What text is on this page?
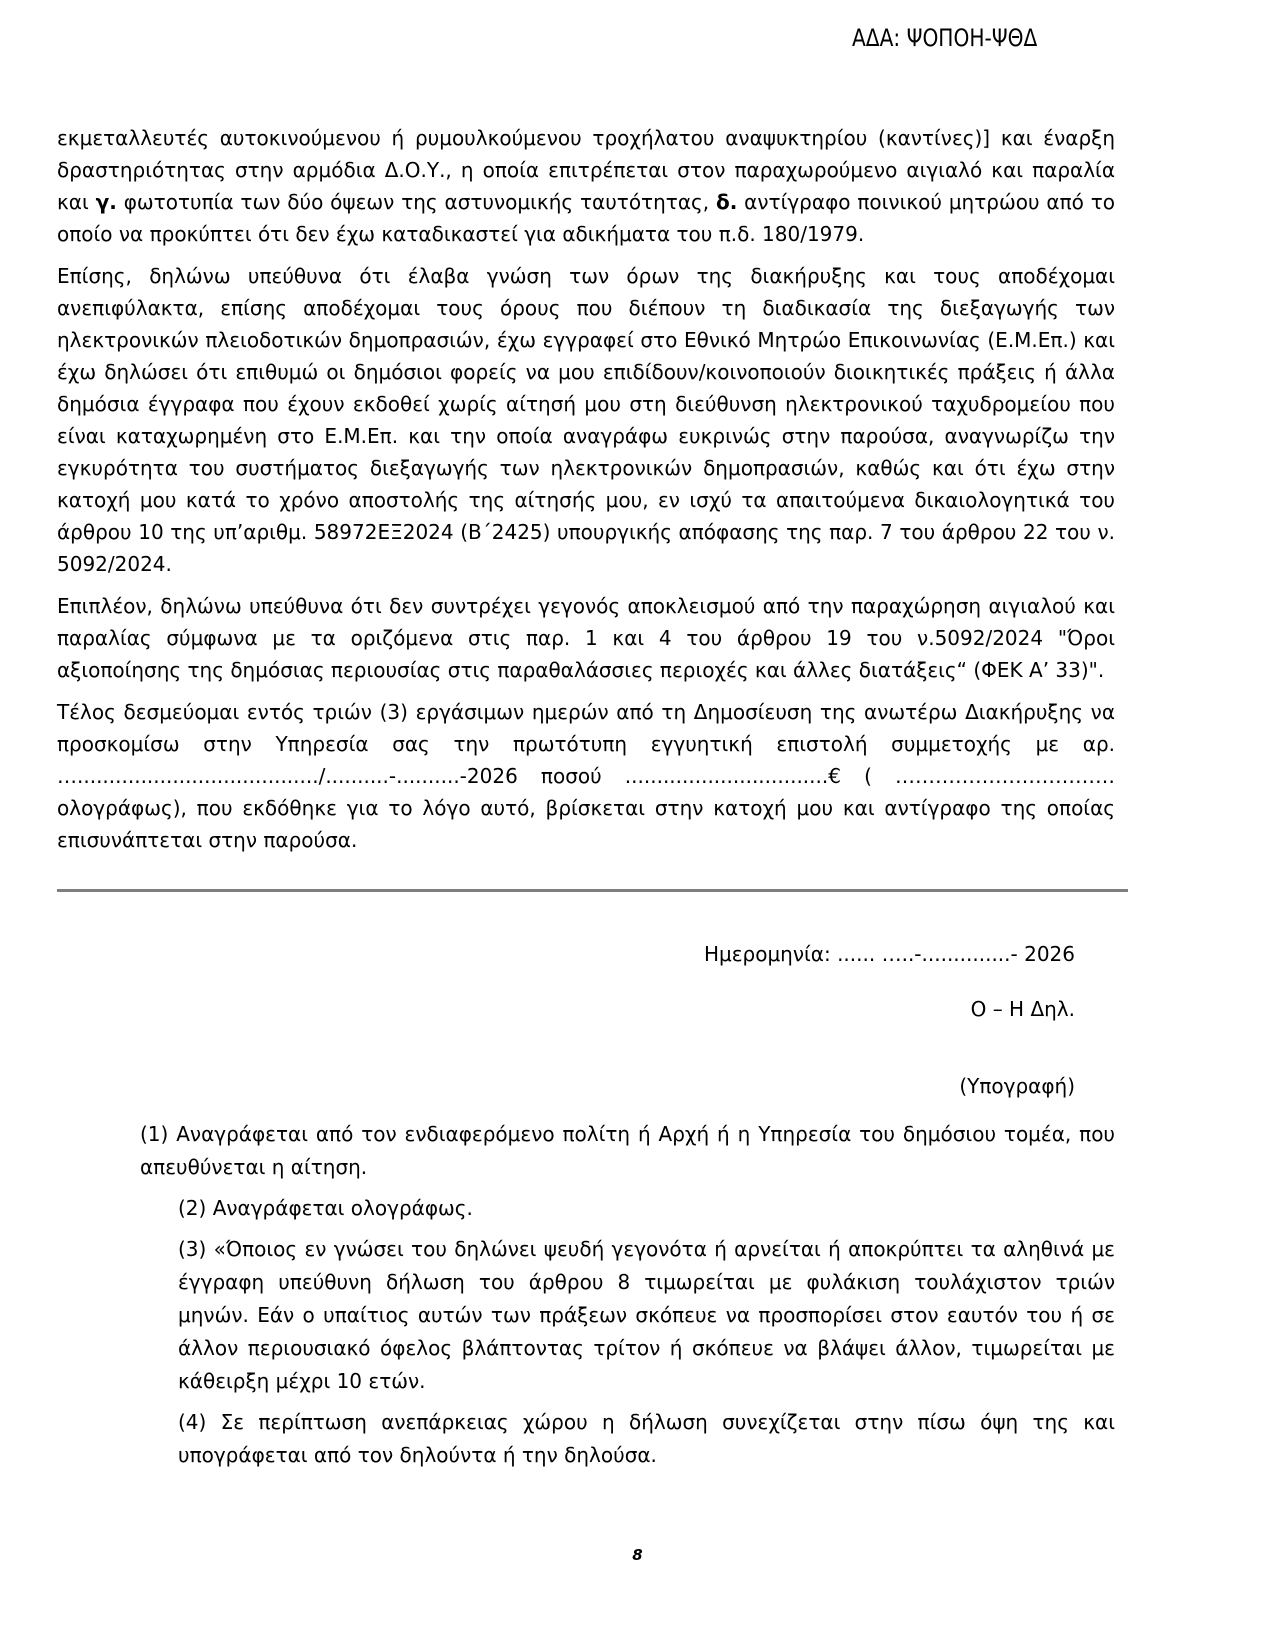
ΑΔΑ: ΨΟΠΟΗ-ΨΘΔ

εκμεταλλευτές αυτοκινούμενου ή ρυμουλκούμενου τροχήλατου αναψυκτηρίου (καντίνες)] και έναρξη δραστηριότητας στην αρμόδια Δ.Ο.Υ., η οποία επιτρέπεται στον παραχωρούμενο αιγιαλό και παραλία και γ. φωτοτυπία των δύο όψεων της αστυνομικής ταυτότητας, δ. αντίγραφο ποινικού μητρώου από το οποίο να προκύπτει ότι δεν έχω καταδικαστεί για αδικήματα του π.δ. 180/1979.

Επίσης, δηλώνω υπεύθυνα ότι έλαβα γνώση των όρων της διακήρυξης και τους αποδέχομαι ανεπιφύλακτα, επίσης αποδέχομαι τους όρους που διέπουν τη διαδικασία της διεξαγωγής των ηλεκτρονικών πλειοδοτικών δημοπρασιών, έχω εγγραφεί στο Εθνικό Μητρώο Επικοινωνίας (Ε.Μ.Επ.) και έχω δηλώσει ότι επιθυμώ οι δημόσιοι φορείς να μου επιδίδουν/κοινοποιούν διοικητικές πράξεις ή άλλα δημόσια έγγραφα που έχουν εκδοθεί χωρίς αίτησή μου στη διεύθυνση ηλεκτρονικού ταχυδρομείου που είναι καταχωρημένη στο Ε.Μ.Επ. και την οποία αναγράφω ευκρινώς στην παρούσα, αναγνωρίζω την εγκυρότητα του συστήματος διεξαγωγής των ηλεκτρονικών δημοπρασιών, καθώς και ότι έχω στην κατοχή μου κατά το χρόνο αποστολής της αίτησής μου, εν ισχύ τα απαιτούμενα δικαιολογητικά του άρθρου 10 της υπ’αριθμ. 58972ΕΞ2024 (Β΄2425) υπουργικής απόφασης της παρ. 7 του άρθρου 22 του ν. 5092/2024.

Επιπλέον, δηλώνω υπεύθυνα ότι δεν συντρέχει γεγονός αποκλεισμού από την παραχώρηση αιγιαλού και παραλίας σύμφωνα με τα οριζόμενα στις παρ. 1 και 4 του άρθρου 19 του ν.5092/2024 "Όροι αξιοποίησης της δημόσιας περιουσίας στις παραθαλάσσιες περιοχές και άλλες διατάξεις“ (ΦΕΚ Α’ 33)".

Τέλος δεσμεύομαι εντός τριών (3) εργάσιμων ημερών από τη Δημοσίευση της ανωτέρω Διακήρυξης να προσκομίσω στην Υπηρεσία σας την πρωτότυπη εγγυητική επιστολή συμμετοχής με αρ. …....................................../..........-..........-2026 ποσού ................................€ ( …………………………… ολογράφως), που εκδόθηκε για το λόγο αυτό, βρίσκεται στην κατοχή μου και αντίγραφο της οποίας επισυνάπτεται στην παρούσα.

Ημερομηνία: ...... …..-..............- 2026
Ο – Η Δηλ.
(Υπογραφή)

(1) Αναγράφεται από τον ενδιαφερόμενο πολίτη ή Αρχή ή η Υπηρεσία του δημόσιου τομέα, που απευθύνεται η αίτηση.

(2) Αναγράφεται ολογράφως.

(3) «Όποιος εν γνώσει του δηλώνει ψευδή γεγονότα ή αρνείται ή αποκρύπτει τα αληθινά με έγγραφη υπεύθυνη δήλωση του άρθρου 8 τιμωρείται με φυλάκιση τουλάχιστον τριών μηνών. Εάν ο υπαίτιος αυτών των πράξεων σκόπευε να προσπορίσει στον εαυτόν του ή σε άλλον περιουσιακό όφελος βλάπτοντας τρίτον ή σκόπευε να βλάψει άλλον, τιμωρείται με κάθειρξη μέχρι 10 ετών.

(4) Σε περίπτωση ανεπάρκειας χώρου η δήλωση συνεχίζεται στην πίσω όψη της και υπογράφεται από τον δηλούντα ή την δηλούσα.

8
